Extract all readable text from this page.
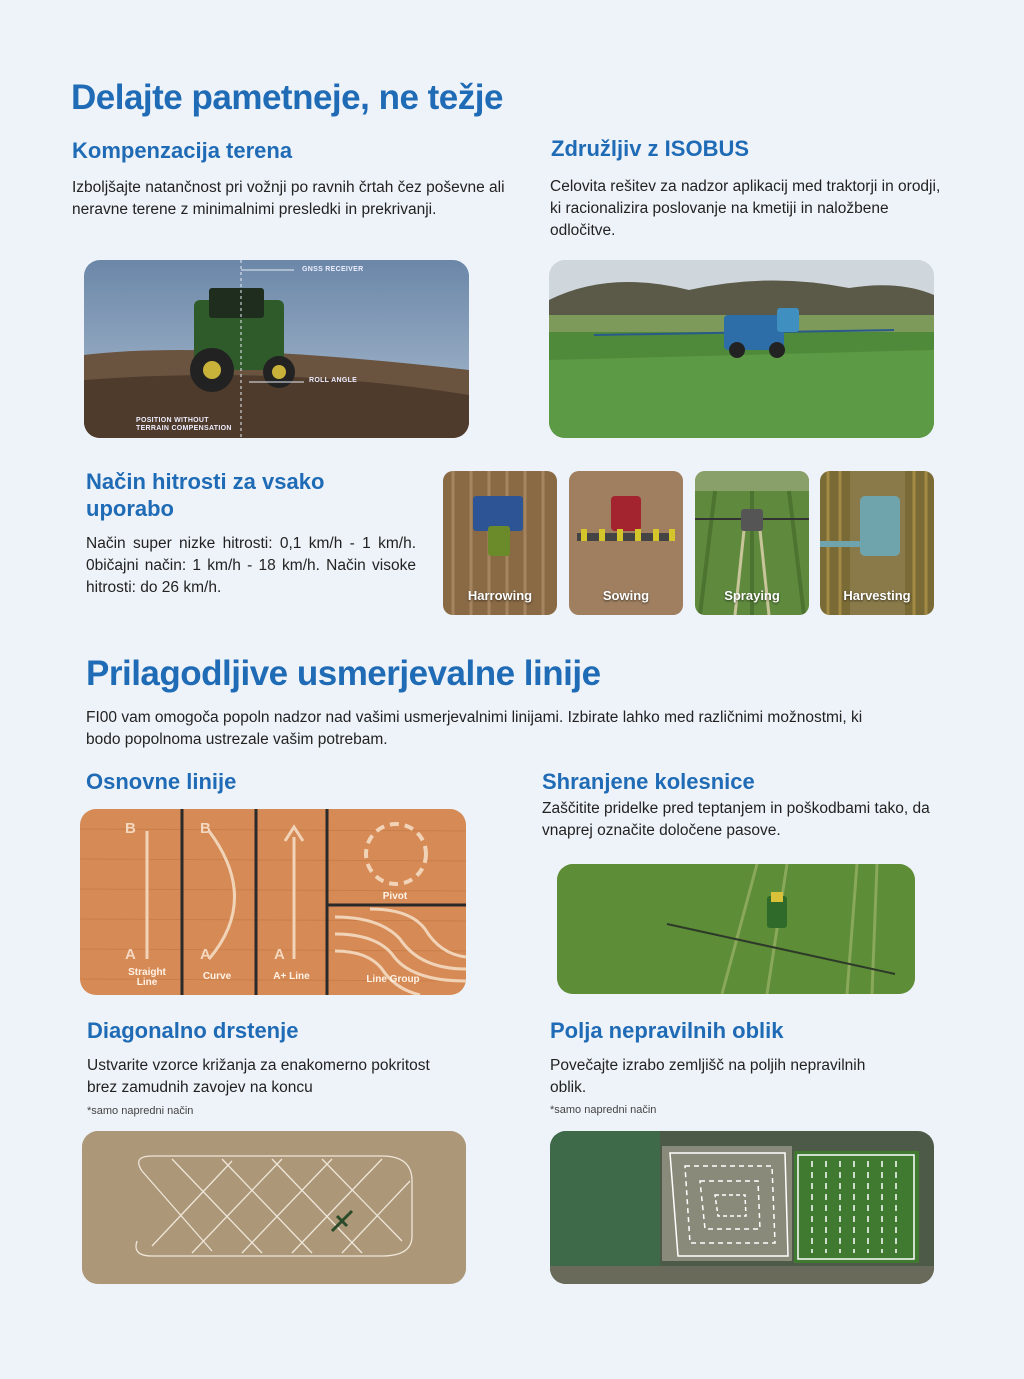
Delajte pametneje, ne težje
Kompenzacija terena
Izboljšajte natančnost pri vožnji po ravnih črtah čez poševne ali neravne terene z minimalnimi presledki in prekrivanji.
GNSS RECEIVER
ROLL ANGLE
POSITION WITHOUT
TERRAIN COMPENSATION
Združljiv z ISOBUS
Celovita rešitev za nadzor aplikacij med traktorji in orodji, ki racionalizira poslovanje na kmetiji in naložbene odločitve.
Način hitrosti za vsako uporabo
Način super nizke hitrosti: 0,1 km/h - 1 km/h. 0bičajni način: 1 km/h - 18 km/h. Način visoke hitrosti: do 26 km/h.	Harrowing	Sowing	Spraying	Harvesting
Prilagodljive usmerjevalne linije
FI00 vam omogoča popoln nadzor nad vašimi usmerjevalnimi linijami. Izbirate lahko med različnimi možnostmi, ki bodo popolnoma ustrezale vašim potrebam.
Osnovne linije
B
A
B
A	A
Straight
Line
Curve	A+ Line
Pivot
Line Group
Shranjene kolesnice
Zaščitite pridelke pred teptanjem in poškodbami tako, da vnaprej označite določene pasove.
Diagonalno drstenje
Ustvarite vzorce križanja za enakomerno pokritost brez zamudnih zavojev na koncu
*samo napredni način
Polja nepravilnih oblik
Povečajte izrabo zemljišč na poljih nepravilnih oblik.
*samo napredni način
